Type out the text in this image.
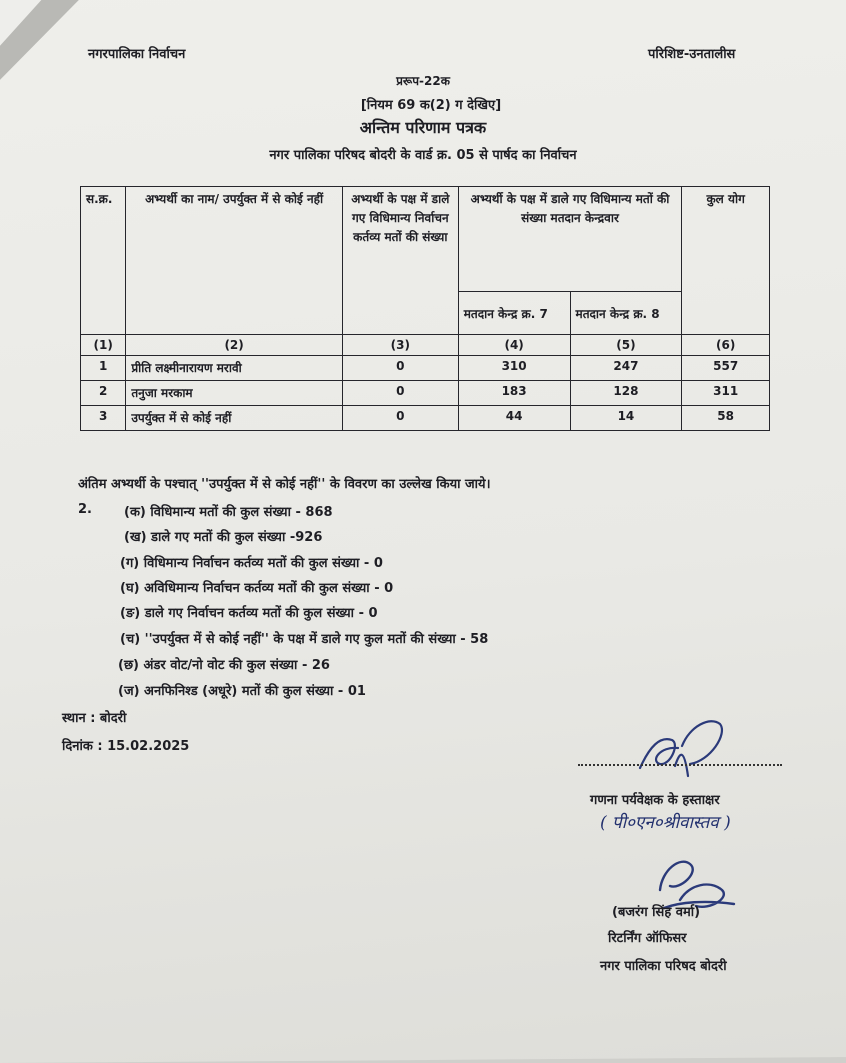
नगरपालिका निर्वाचन	परिशिष्ट-उनतालीस
प्ररूप-22क
[नियम 69 क(2) ग देखिए]
अन्तिम परिणाम पत्रक
नगर पालिका परिषद बोदरी के वार्ड क्र. 05 से पार्षद का निर्वाचन
स.क्र.	अभ्यर्थी का नाम/ उपर्युक्त में से कोई नहीं	अभ्यर्थी के पक्ष में डाले गए विधिमान्य निर्वाचन कर्तव्य मतों की संख्या	अभ्यर्थी के पक्ष में डाले गए विधिमान्य मतों की संख्या मतदान केन्द्रवार		कुल योग
			मतदान केन्द्र क्र. 7	मतदान केन्द्र क्र. 8	
(1)	(2)	(3)	(4)	(5)	(6)
1	प्रीति लक्ष्मीनारायण मरावी	0	310	247	557
2	तनुजा मरकाम	0	183	128	311
3	उपर्युक्त में से कोई नहीं	0	44	14	58
अंतिम अभ्यर्थी के पश्चात् ''उपर्युक्त में से कोई नहीं'' के विवरण का उल्लेख किया जाये।
2. (क) विधिमान्य मतों की कुल संख्या - 868
(ख) डाले गए मतों की कुल संख्या -926
(ग) विधिमान्य निर्वाचन कर्तव्य मतों की कुल संख्या - 0
(घ) अविधिमान्य निर्वाचन कर्तव्य मतों की कुल संख्या - 0
(ङ) डाले गए निर्वाचन कर्तव्य मतों की कुल संख्या - 0
(च) ''उपर्युक्त में से कोई नहीं'' के पक्ष में डाले गए कुल मतों की संख्या - 58
(छ) अंडर वोट/नो वोट की कुल संख्या - 26
(ज) अनफिनिश्ड (अधूरे) मतों की कुल संख्या - 01
स्थान : बोदरी
दिनांक : 15.02.2025
गणना पर्यवेक्षक के हस्ताक्षर
( पी०एन०श्रीवास्तव )
(बजरंग सिंह वर्मा)
रिटर्निंग ऑफिसर
नगर पालिका परिषद बोदरी
